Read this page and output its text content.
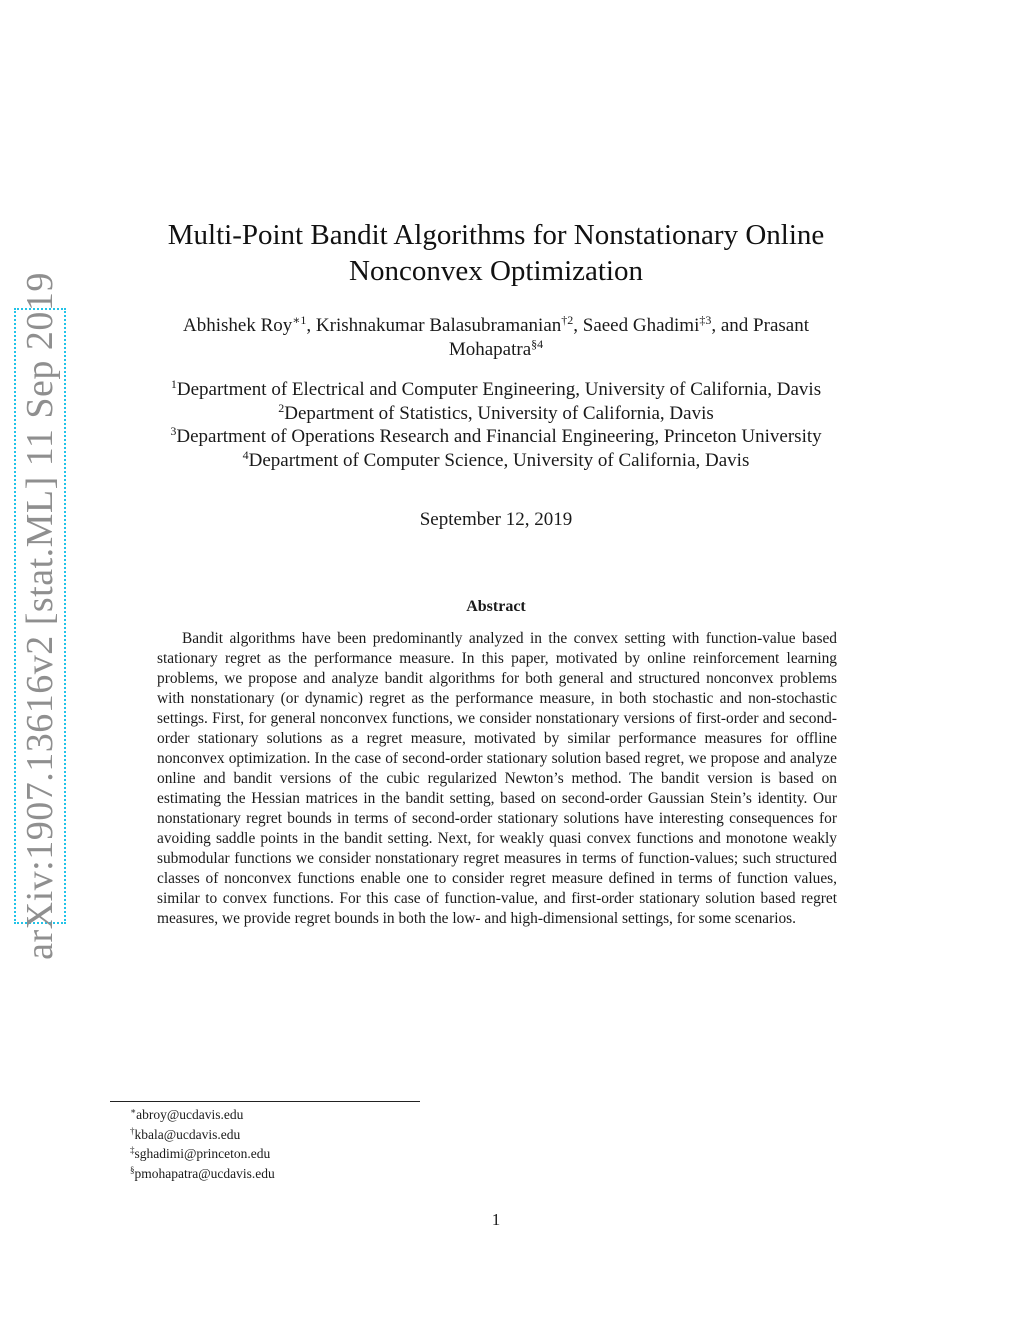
arXiv:1907.13616v2 [stat.ML] 11 Sep 2019
Multi-Point Bandit Algorithms for Nonstationary Online
Nonconvex Optimization
Abhishek Roy$^{∗1}$, Krishnakumar Balasubramanian$^{\dagger 2}$, Saeed Ghadimi$^{\ddagger 3}$, and Prasant
Mohapatra$^{\S 4}$
$^1$Department of Electrical and Computer Engineering, University of California, Davis
$^2$Department of Statistics, University of California, Davis
$^3$Department of Operations Research and Financial Engineering, Princeton University
$^4$Department of Computer Science, University of California, Davis
September 12, 2019
Abstract

Bandit algorithms have been predominantly analyzed in the convex setting with function-value based stationary regret as the performance measure. In this paper, motivated by online reinforcement learning problems, we propose and analyze bandit algorithms for both general and structured nonconvex problems with nonstationary (or dynamic) regret as the performance measure, in both stochastic and non-stochastic settings. First, for general nonconvex functions, we consider nonstationary versions of first-order and second-order stationary solutions as a regret measure, motivated by similar performance measures for offline nonconvex optimization. In the case of second-order stationary solution based regret, we propose and analyze online and bandit versions of the cubic regularized Newton’s method. The bandit version is based on estimating the Hessian matrices in the bandit setting, based on second-order Gaussian Stein’s identity. Our nonstationary regret bounds in terms of second-order stationary solutions have interesting consequences for avoiding saddle points in the bandit setting. Next, for weakly quasi convex functions and monotone weakly submodular functions we consider nonstationary regret measures in terms of function-values; such structured classes of nonconvex functions enable one to consider regret measure defined in terms of function values, similar to convex functions. For this case of function-value, and first-order stationary solution based regret measures, we provide regret bounds in both the low- and high-dimensional settings, for some scenarios.

∗abroy@ucdavis.edu
†kbala@ucdavis.edu
‡sghadimi@princeton.edu
§pmohapatra@ucdavis.edu
1
